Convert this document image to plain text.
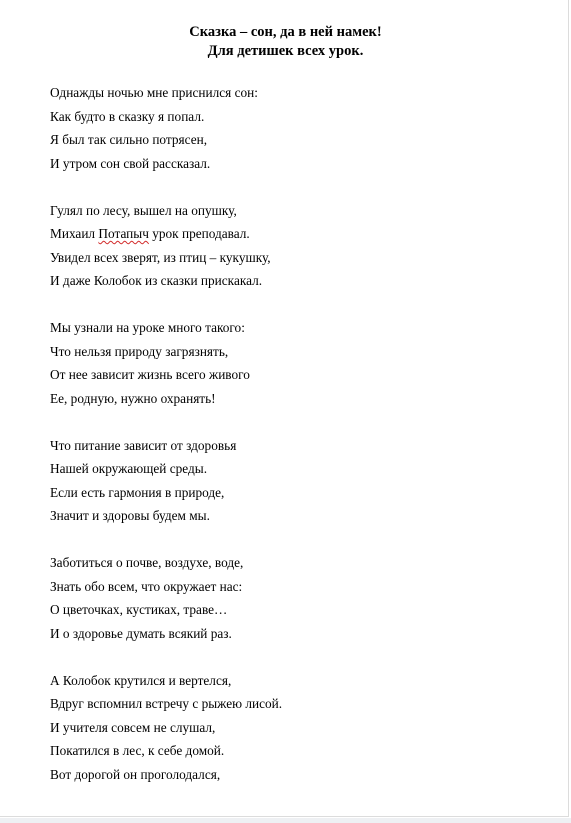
Сказка – сон, да в ней намек!
Для детишек всех урок.
Однажды ночью мне приснился сон:
Как будто в сказку я попал.
Я был так сильно потрясен,
И утром сон свой рассказал.
Гулял по лесу, вышел на опушку,
Михаил Потапыч урок преподавал.
Увидел всех зверят, из птиц – кукушку,
И даже Колобок из сказки прискакал.
Мы узнали на уроке много такого:
Что нельзя природу загрязнять,
От нее зависит жизнь всего живого
Ее, родную, нужно охранять!
Что питание зависит от здоровья
Нашей окружающей среды.
Если есть гармония в природе,
Значит и здоровы будем мы.
Заботиться о почве, воздухе, воде,
Знать обо всем, что окружает нас:
О цветочках, кустиках, траве…
И о здоровье думать всякий раз.
А Колобок крутился и вертелся,
Вдруг вспомнил встречу с рыжею лисой.
И учителя совсем не слушал,
Покатился в лес, к себе домой.
Вот дорогой он проголодался,
